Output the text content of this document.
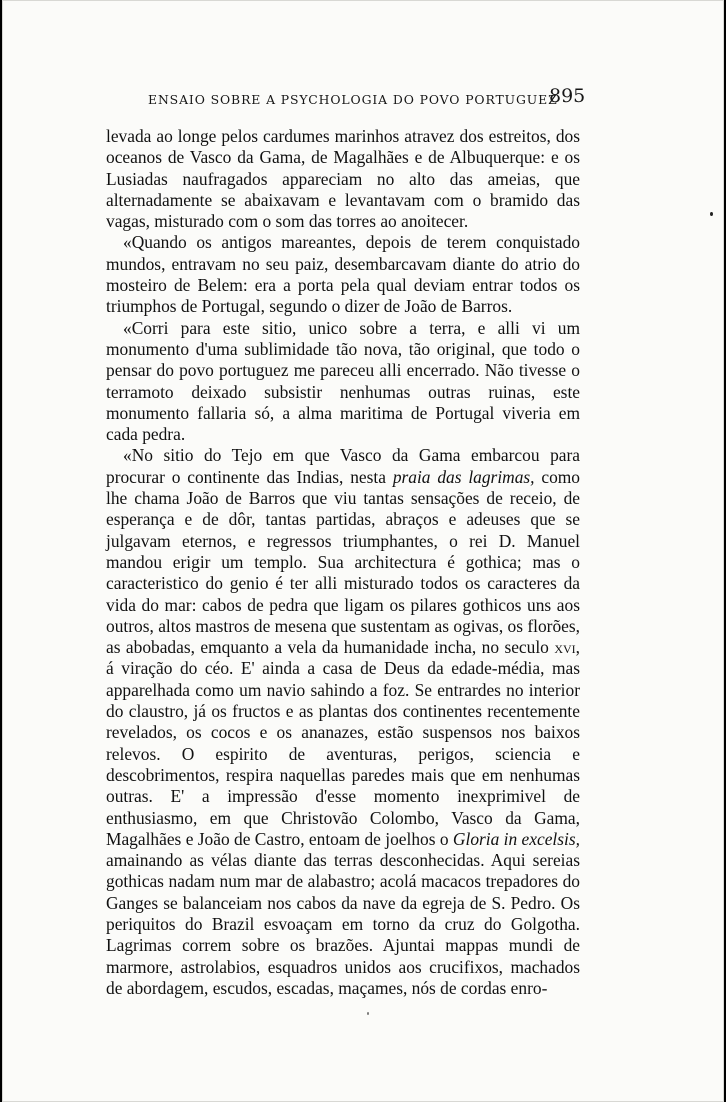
ENSAIO SOBRE A PSYCHOLOGIA DO POVO PORTUGUEZ
895

levada ao longe pelos cardumes marinhos atravez dos estreitos, dos oceanos de Vasco da Gama, de Magalhães e de Albuquerque: e os Lusiadas naufragados appareciam no alto das ameias, que alternadamente se abaixavam e levantavam com o bramido das vagas, misturado com o som das torres ao anoitecer.

«Quando os antigos mareantes, depois de terem conquistado mundos, entravam no seu paiz, desembarcavam diante do atrio do mosteiro de Belem: era a porta pela qual deviam entrar todos os triumphos de Portugal, segundo o dizer de João de Barros.

«Corri para este sitio, unico sobre a terra, e alli vi um monumento d'uma sublimidade tão nova, tão original, que todo o pensar do povo portuguez me pareceu alli encerrado. Não tivesse o terramoto deixado subsistir nenhumas outras ruinas, este monumento fallaria só, a alma maritima de Portugal viveria em cada pedra.

«No sitio do Tejo em que Vasco da Gama embarcou para procurar o continente das Indias, nesta praia das lagrimas, como lhe chama João de Barros que viu tantas sensações de receio, de esperança e de dôr, tantas partidas, abraços e adeuses que se julgavam eternos, e regressos triumphantes, o rei D. Manuel mandou erigir um templo. Sua architectura é gothica; mas o caracteristico do genio é ter alli misturado todos os caracteres da vida do mar: cabos de pedra que ligam os pilares gothicos uns aos outros, altos mastros de mesena que sustentam as ogivas, os florões, as abobadas, emquanto a vela da humanidade incha, no seculo xvi, á viração do céo. E' ainda a casa de Deus da edade-média, mas apparelhada como um navio sahindo a foz. Se entrardes no interior do claustro, já os fructos e as plantas dos continentes recentemente revelados, os cocos e os ananazes, estão suspensos nos baixos relevos. O espirito de aventuras, perigos, sciencia e descobrimentos, respira naquellas paredes mais que em nenhumas outras. E' a impressão d'esse momento inexprimivel de enthusiasmo, em que Christovão Colombo, Vasco da Gama, Magalhães e João de Castro, entoam de joelhos o Gloria in excelsis, amainando as vélas diante das terras desconhecidas. Aqui sereias gothicas nadam num mar de alabastro; acolá macacos trepadores do Ganges se balanceiam nos cabos da nave da egreja de S. Pedro. Os periquitos do Brazil esvoaçam em torno da cruz do Golgotha. Lagrimas correm sobre os brazões. Ajuntai mappas mundi de marmore, astrolabios, esquadros unidos aos crucifixos, machados de abordagem, escudos, escadas, maçames, nós de cordas enro-
